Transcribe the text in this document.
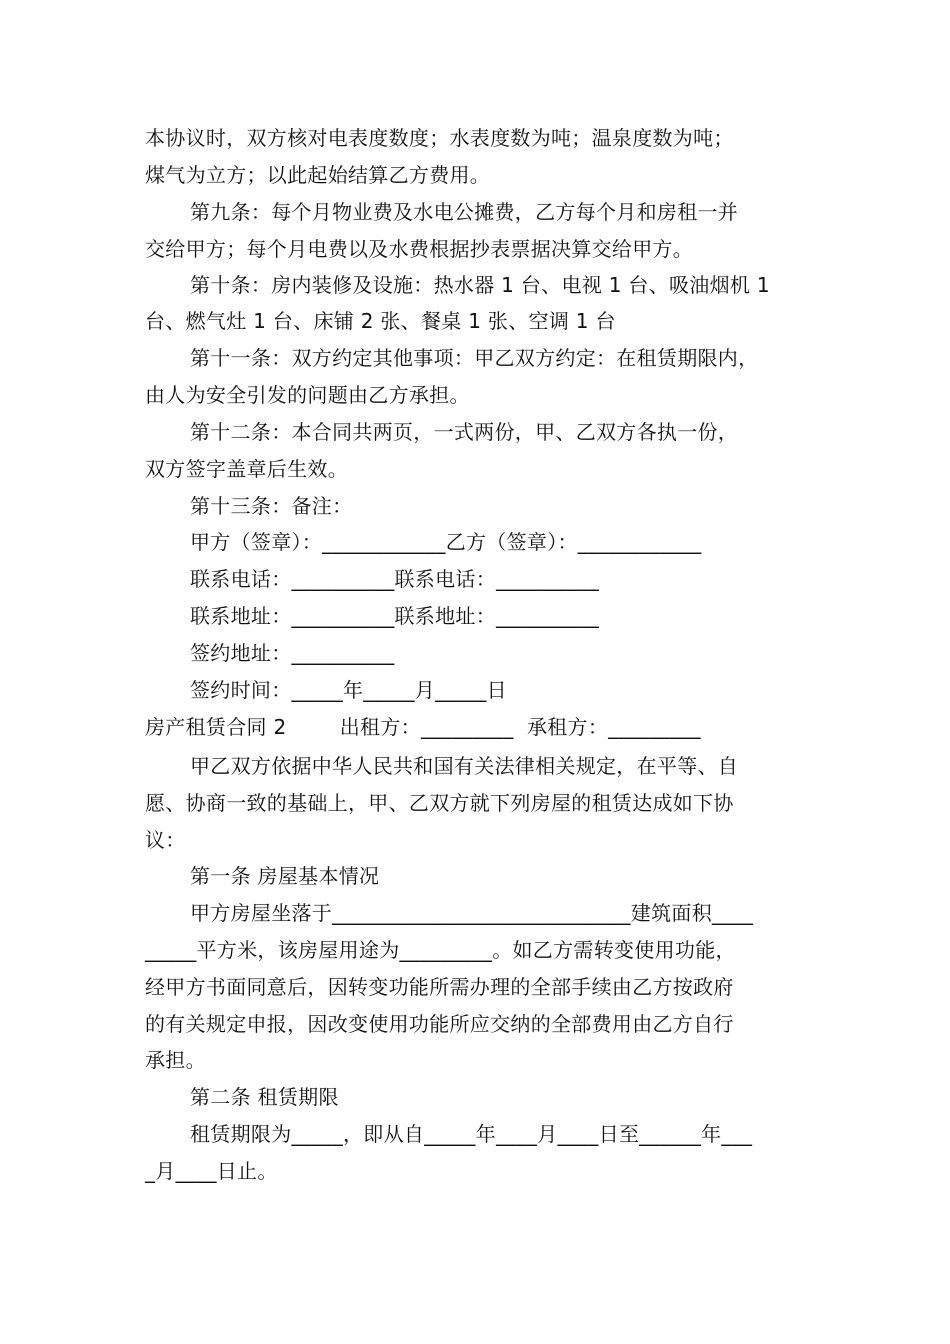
本协议时，双方核对电表度数度；水表度数为吨；温泉度数为吨；
煤气为立方；以此起始结算乙方费用。
第九条：每个月物业费及水电公摊费，乙方每个月和房租一并
交给甲方；每个月电费以及水费根据抄表票据决算交给甲方。
第十条：房内装修及设施：热水器 1 台、电视 1 台、吸油烟机 1
台、燃气灶 1 台、床铺 2 张、餐桌 1 张、空调 1 台
第十一条：双方约定其他事项：甲乙双方约定：在租赁期限内，
由人为安全引发的问题由乙方承担。
第十二条：本合同共两页，一式两份，甲、乙双方各执一份，
双方签字盖章后生效。
第十三条：备注：
甲方（签章）：____________乙方（签章）：____________
联系电话：__________联系电话：__________
联系地址：__________联系地址：__________
签约地址：__________
签约时间：_____年_____月_____日
房产租赁合同 2        出租方：_________  承租方：_________
甲乙双方依据中华人民共和国有关法律相关规定，在平等、自
愿、协商一致的基础上，甲、乙双方就下列房屋的租赁达成如下协
议：
第一条 房屋基本情况
甲方房屋坐落于_____________________________建筑面积____
_____平方米，该房屋用途为_________。如乙方需转变使用功能，
经甲方书面同意后，因转变功能所需办理的全部手续由乙方按政府
的有关规定申报，因改变使用功能所应交纳的全部费用由乙方自行
承担。
第二条 租赁期限
租赁期限为_____，即从自_____年____月____日至______年___
_月____日止。
